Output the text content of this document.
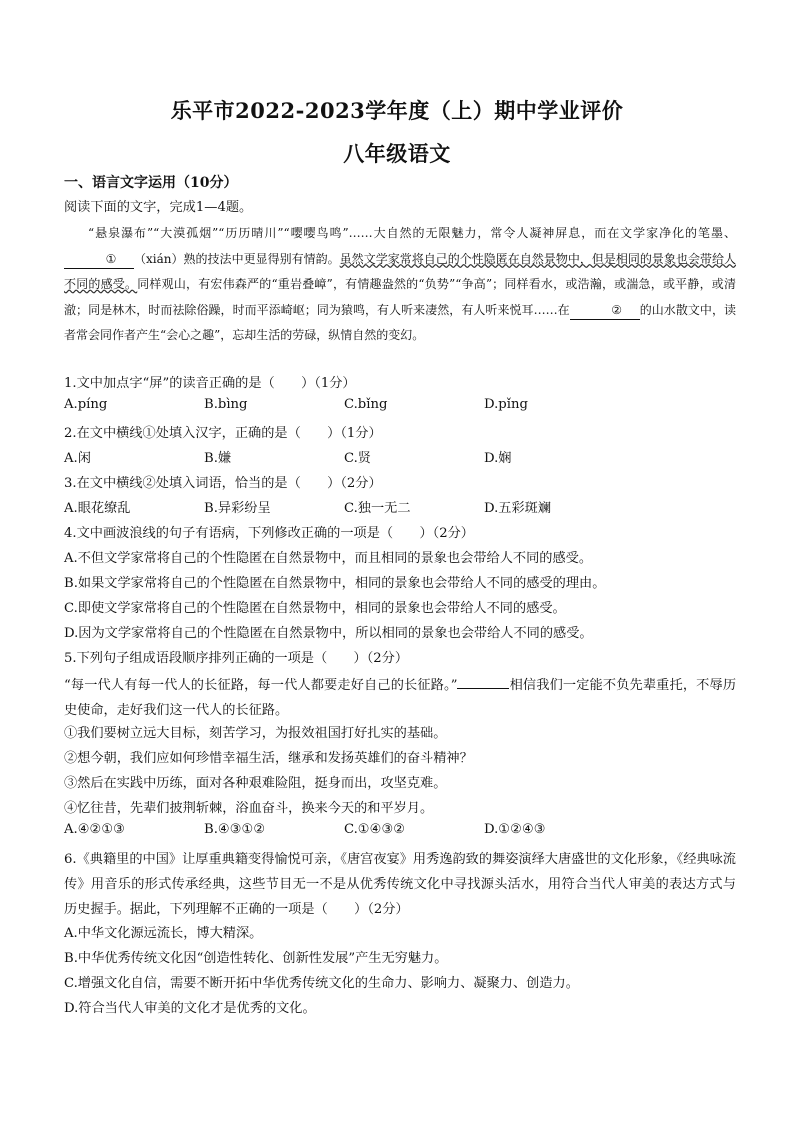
乐平市2022-2023学年度（上）期中学业评价
八年级语文
一、语言文字运用（10分）
阅读下面的文字，完成1—4题。

“悬泉瀑布”“大漠孤烟”“历历晴川”“嘤嘤鸟鸣”……大自然的无限魅力，常令人凝神屏息，而在文学家净化的笔墨、① （xián）熟的技法中更显得别有情韵。虽然文学家常将自己的个性隐匿在自然景物中，但是相同的景象也会带给人不同的感受。同样观山，有宏伟森严的“重岩叠嶂”，有情趣盎然的“负势”“争高”；同样看水，或浩瀚，或湍急，或平静，或清澈；同是林木，时而祛除俗躁，时而平添崎岖；同为猿鸣，有人听来凄然，有人听来悦耳……在	② 的山水散文中，读者常会同作者产生“会心之趣”，忘却生活的劳碌，纵情自然的变幻。

1.文中加点字“屏”的读音正确的是（　　）（1分）
A.píng	B.bìng	C.bǐng	D.pǐng
2.在文中横线①处填入汉字，正确的是（　　）（1分）
A.闲	B.嫌	C.贤	D.娴
3.在文中横线②处填入词语，恰当的是（　　）（2分）
A.眼花缭乱	B.异彩纷呈	C.独一无二	D.五彩斑斓
4.文中画波浪线的句子有语病，下列修改正确的一项是（　　）（2分）
A.不但文学家常将自己的个性隐匿在自然景物中，而且相同的景象也会带给人不同的感受。
B.如果文学家常将自己的个性隐匿在自然景物中，相同的景象也会带给人不同的感受的理由。
C.即使文学家常将自己的个性隐匿在自然景物中，相同的景象也会带给人不同的感受。
D.因为文学家常将自己的个性隐匿在自然景物中，所以相同的景象也会带给人不同的感受。
5.下列句子组成语段顺序排列正确的一项是（　　）（2分）
“每一代人有每一代人的长征路，每一代人都要走好自己的长征路。”	相信我们一定能不负先辈重托，不辱历史使命，走好我们这一代人的长征路。
①我们要树立远大目标，刻苦学习，为报效祖国打好扎实的基础。
②想今朝，我们应如何珍惜幸福生活，继承和发扬英雄们的奋斗精神？
③然后在实践中历练，面对各种艰难险阻，挺身而出，攻坚克难。
④忆往昔，先辈们披荆斩棘，浴血奋斗，换来今天的和平岁月。
A.④②①③	B.④③①②	C.①④③②	D.①②④③
6.《典籍里的中国》让厚重典籍变得愉悦可亲，《唐宫夜宴》用秀逸韵致的舞姿演绎大唐盛世的文化形象，《经典咏流传》用音乐的形式传承经典，这些节目无一不是从优秀传统文化中寻找源头活水，用符合当代人审美的表达方式与历史握手。据此，下列理解不正确的一项是（　　）（2分）
A.中华文化源远流长，博大精深。
B.中华优秀传统文化因“创造性转化、创新性发展”产生无穷魅力。
C.增强文化自信，需要不断开拓中华优秀传统文化的生命力、影响力、凝聚力、创造力。
D.符合当代人审美的文化才是优秀的文化。
